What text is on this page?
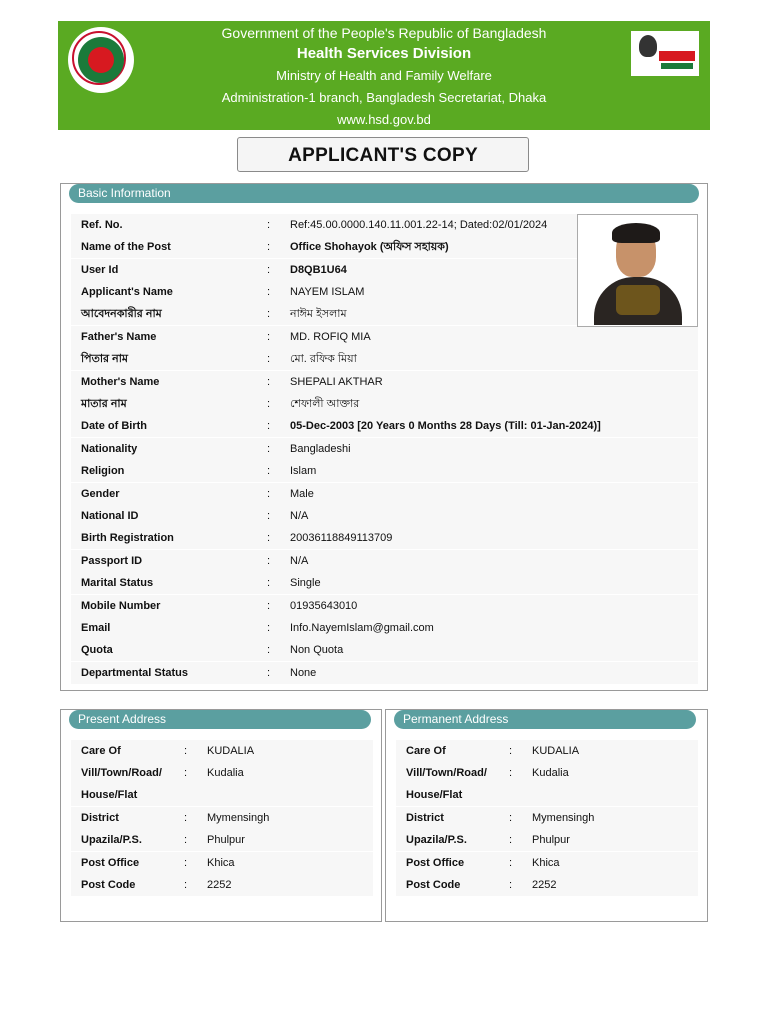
Government of the People's Republic of Bangladesh
Health Services Division
Ministry of Health and Family Welfare
Administration-1 branch, Bangladesh Secretariat, Dhaka
www.hsd.gov.bd
APPLICANT'S COPY
Basic Information
Ref. No.	: Ref:45.00.0000.140.11.001.22-14; Dated:02/01/2024
Name of the Post	: Office Shohayok (অফিস সহায়ক)
User Id	: D8QB1U64
Applicant's Name	: NAYEM ISLAM
আবেদনকারীর নাম	: নাঈম ইসলাম
Father's Name	: MD. ROFIQ MIA
পিতার নাম	: মো. রফিক মিয়া
Mother's Name	: SHEPALI AKTHAR
মাতার নাম	: শেফালী আক্তার
Date of Birth	: 05-Dec-2003 [20 Years 0 Months 28 Days (Till: 01-Jan-2024)]
Nationality	: Bangladeshi
Religion	: Islam
Gender	: Male
National ID	: N/A
Birth Registration	: 20036118849113709
Passport ID	: N/A
Marital Status	: Single
Mobile Number	: 01935643010
Email	: Info.NayemIslam@gmail.com
Quota	: Non Quota
Departmental Status	: None
Present Address
Care Of	: KUDALIA
Vill/Town/Road/ House/Flat
: Kudalia
District	: Mymensingh
Upazila/P.S.	: Phulpur
Post Office	: Khica
Post Code	: 2252
Permanent Address
Care Of	: KUDALIA
Vill/Town/Road/ House/Flat
: Kudalia
District	: Mymensingh
Upazila/P.S.	: Phulpur
Post Office	: Khica
Post Code	: 2252
